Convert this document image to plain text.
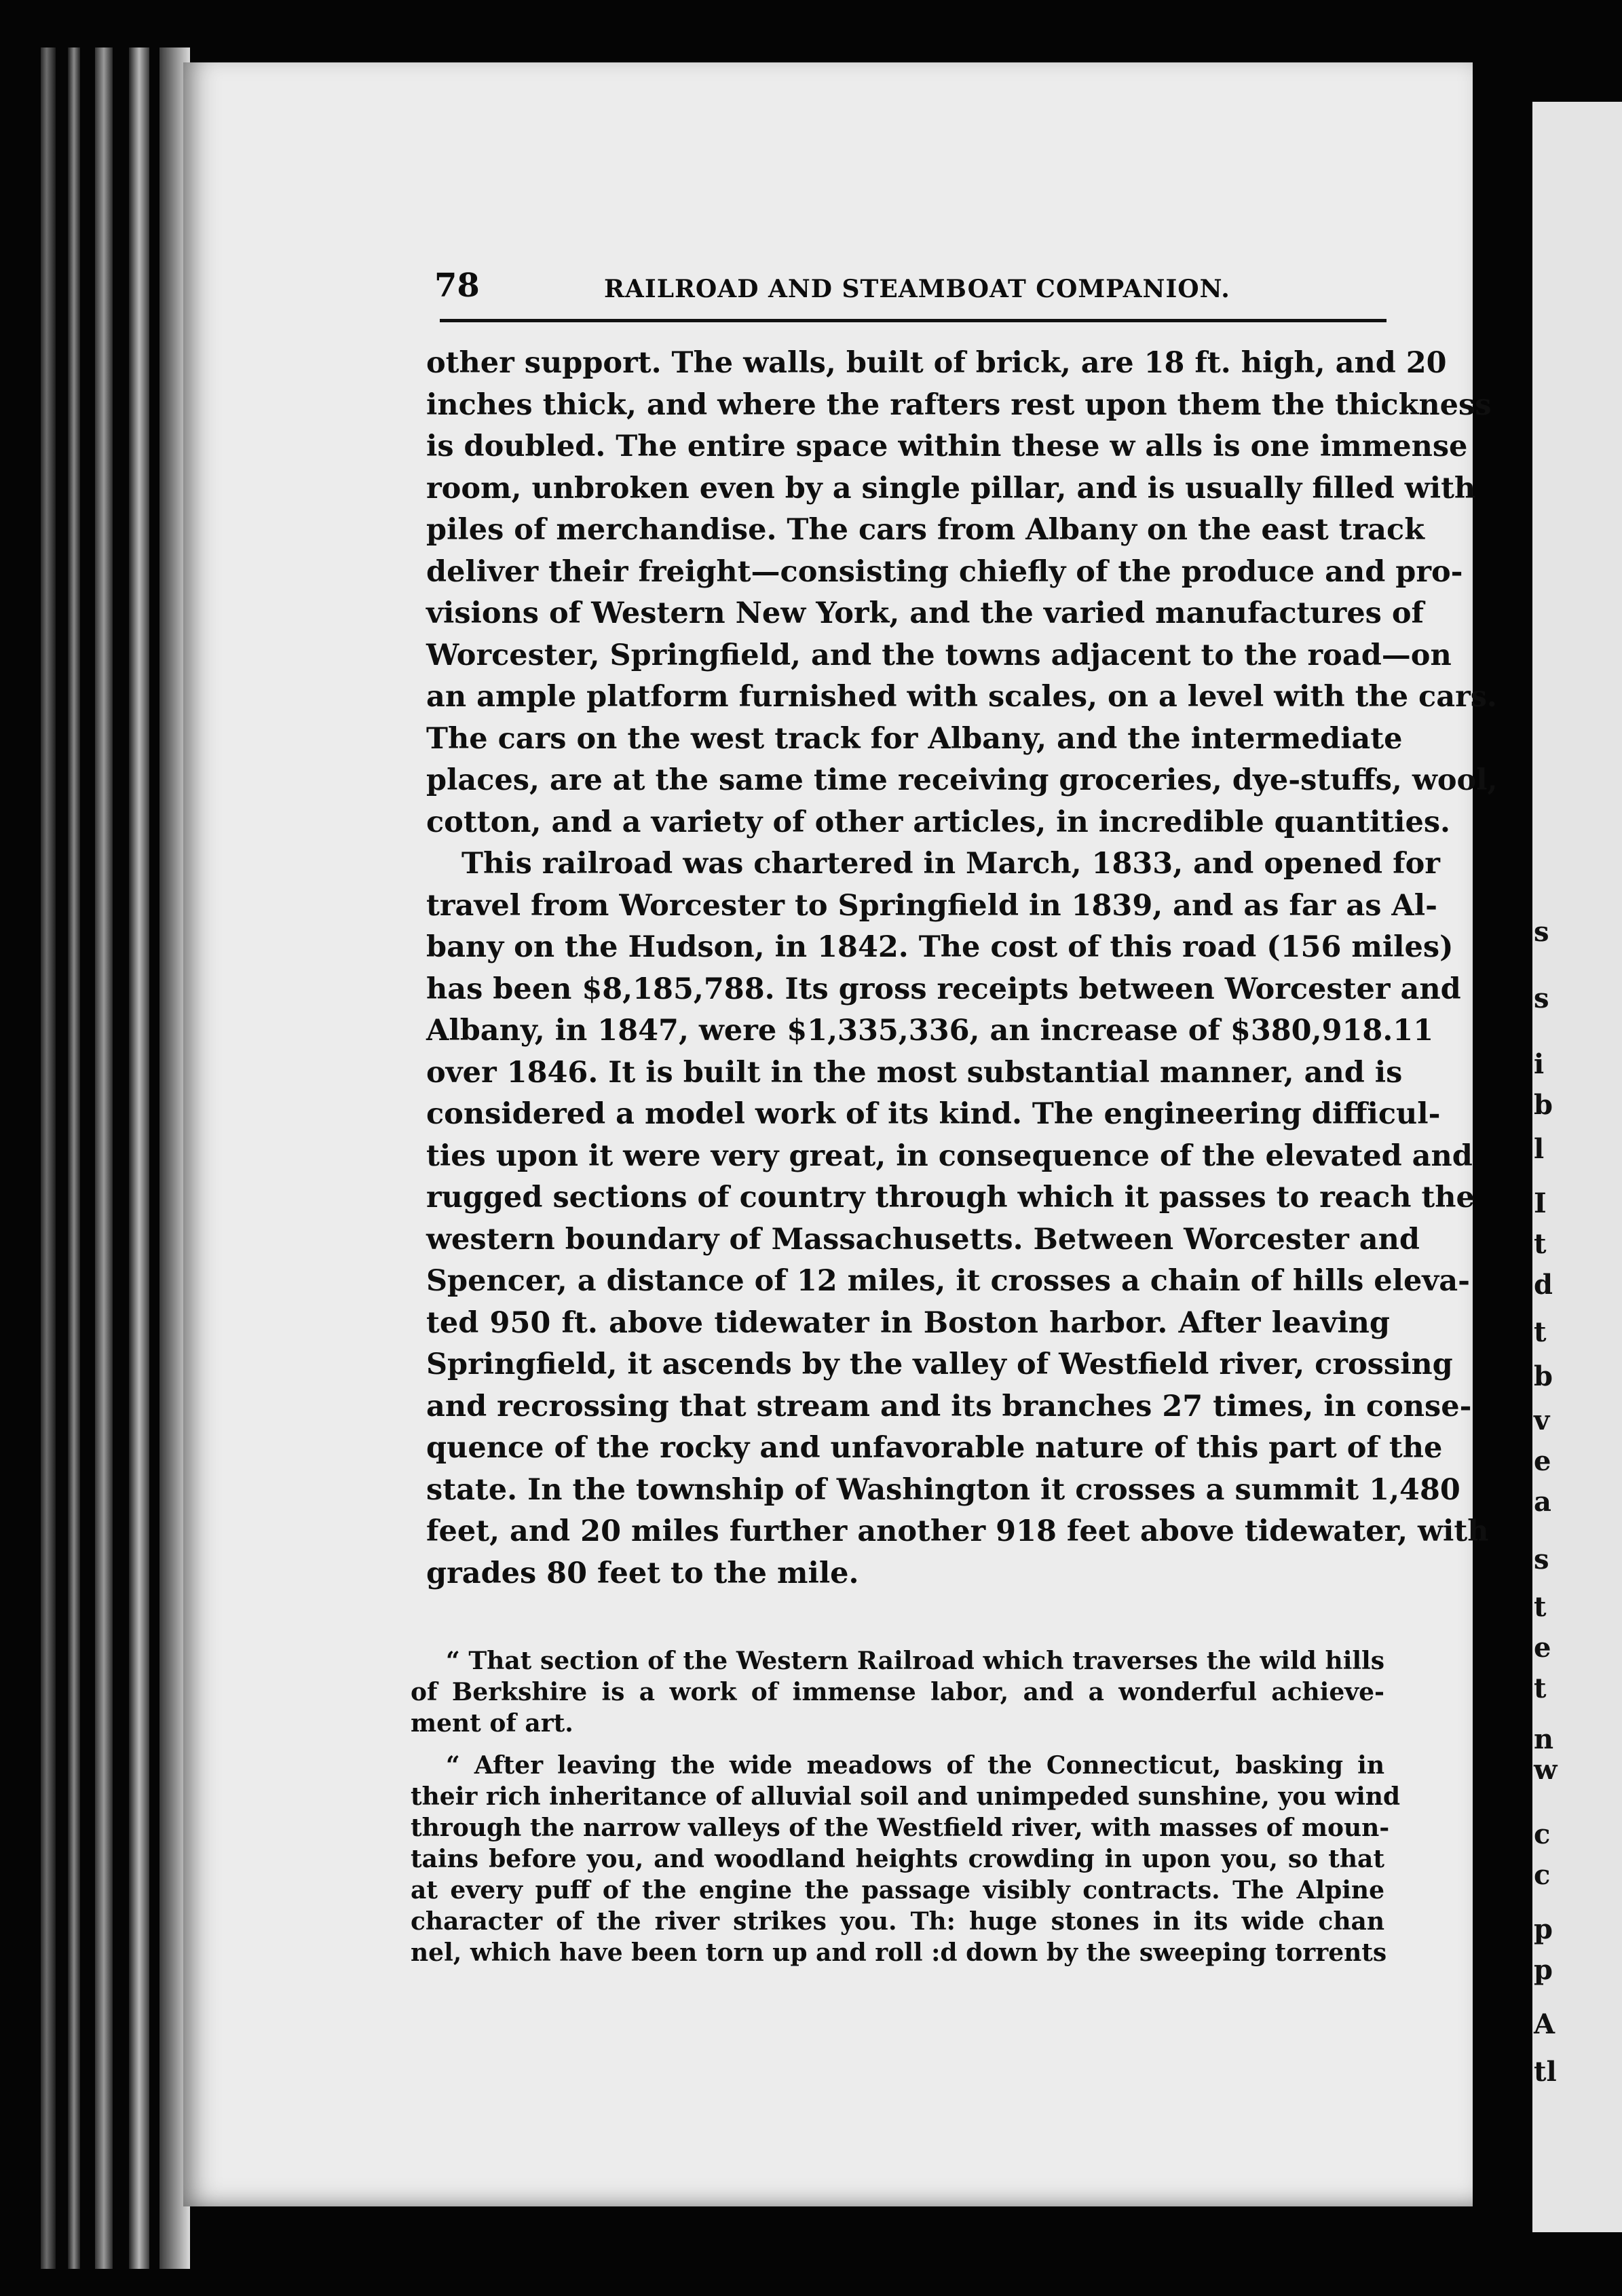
s
s
i
b
l
I
t
d
t
b
v
e
a
s
t
e
t
n
w
c
c
p
p
A
tl
78	RAILROAD AND STEAMBOAT COMPANION.

other support. The walls, built of brick, are 18 ft. high, and 20
inches thick, and where the rafters rest upon them the thickness
is doubled. The entire space within these w alls is one immense
room, unbroken even by a single pillar, and is usually filled with
piles of merchandise. The cars from Albany on the east track
deliver their freight—consisting chiefly of the produce and pro-
visions of Western New York, and the varied manufactures of
Worcester, Springfield, and the towns adjacent to the road—on
an ample platform furnished with scales, on a level with the cars.
The cars on the west track for Albany, and the intermediate
places, are at the same time receiving groceries, dye-stuffs, wool,
cotton, and a variety of other articles, in incredible quantities.

This railroad was chartered in March, 1833, and opened for
travel from Worcester to Springfield in 1839, and as far as Al-
bany on the Hudson, in 1842. The cost of this road (156 miles)
has been $8,185,788. Its gross receipts between Worcester and
Albany, in 1847, were $1,335,336, an increase of $380,918.11
over 1846. It is built in the most substantial manner, and is
considered a model work of its kind. The engineering difficul-
ties upon it were very great, in consequence of the elevated and
rugged sections of country through which it passes to reach the
western boundary of Massachusetts. Between Worcester and
Spencer, a distance of 12 miles, it crosses a chain of hills eleva-
ted 950 ft. above tidewater in Boston harbor. After leaving
Springfield, it ascends by the valley of Westfield river, crossing
and recrossing that stream and its branches 27 times, in conse-
quence of the rocky and unfavorable nature of this part of the
state. In the township of Washington it crosses a summit 1,480
feet, and 20 miles further another 918 feet above tidewater, with
grades 80 feet to the mile.

“ That section of the Western Railroad which traverses the wild hills
of Berkshire is a work of immense labor, and a wonderful achieve-
ment of art.

“ After leaving the wide meadows of the Connecticut, basking in
their rich inheritance of alluvial soil and unimpeded sunshine, you wind
through the narrow valleys of the Westfield river, with masses of moun-
tains before you, and woodland heights crowding in upon you, so that
at every puff of the engine the passage visibly contracts. The Alpine
character of the river strikes you. Th: huge stones in its wide chan
nel, which have been torn up and roll :d down by the sweeping torrents
